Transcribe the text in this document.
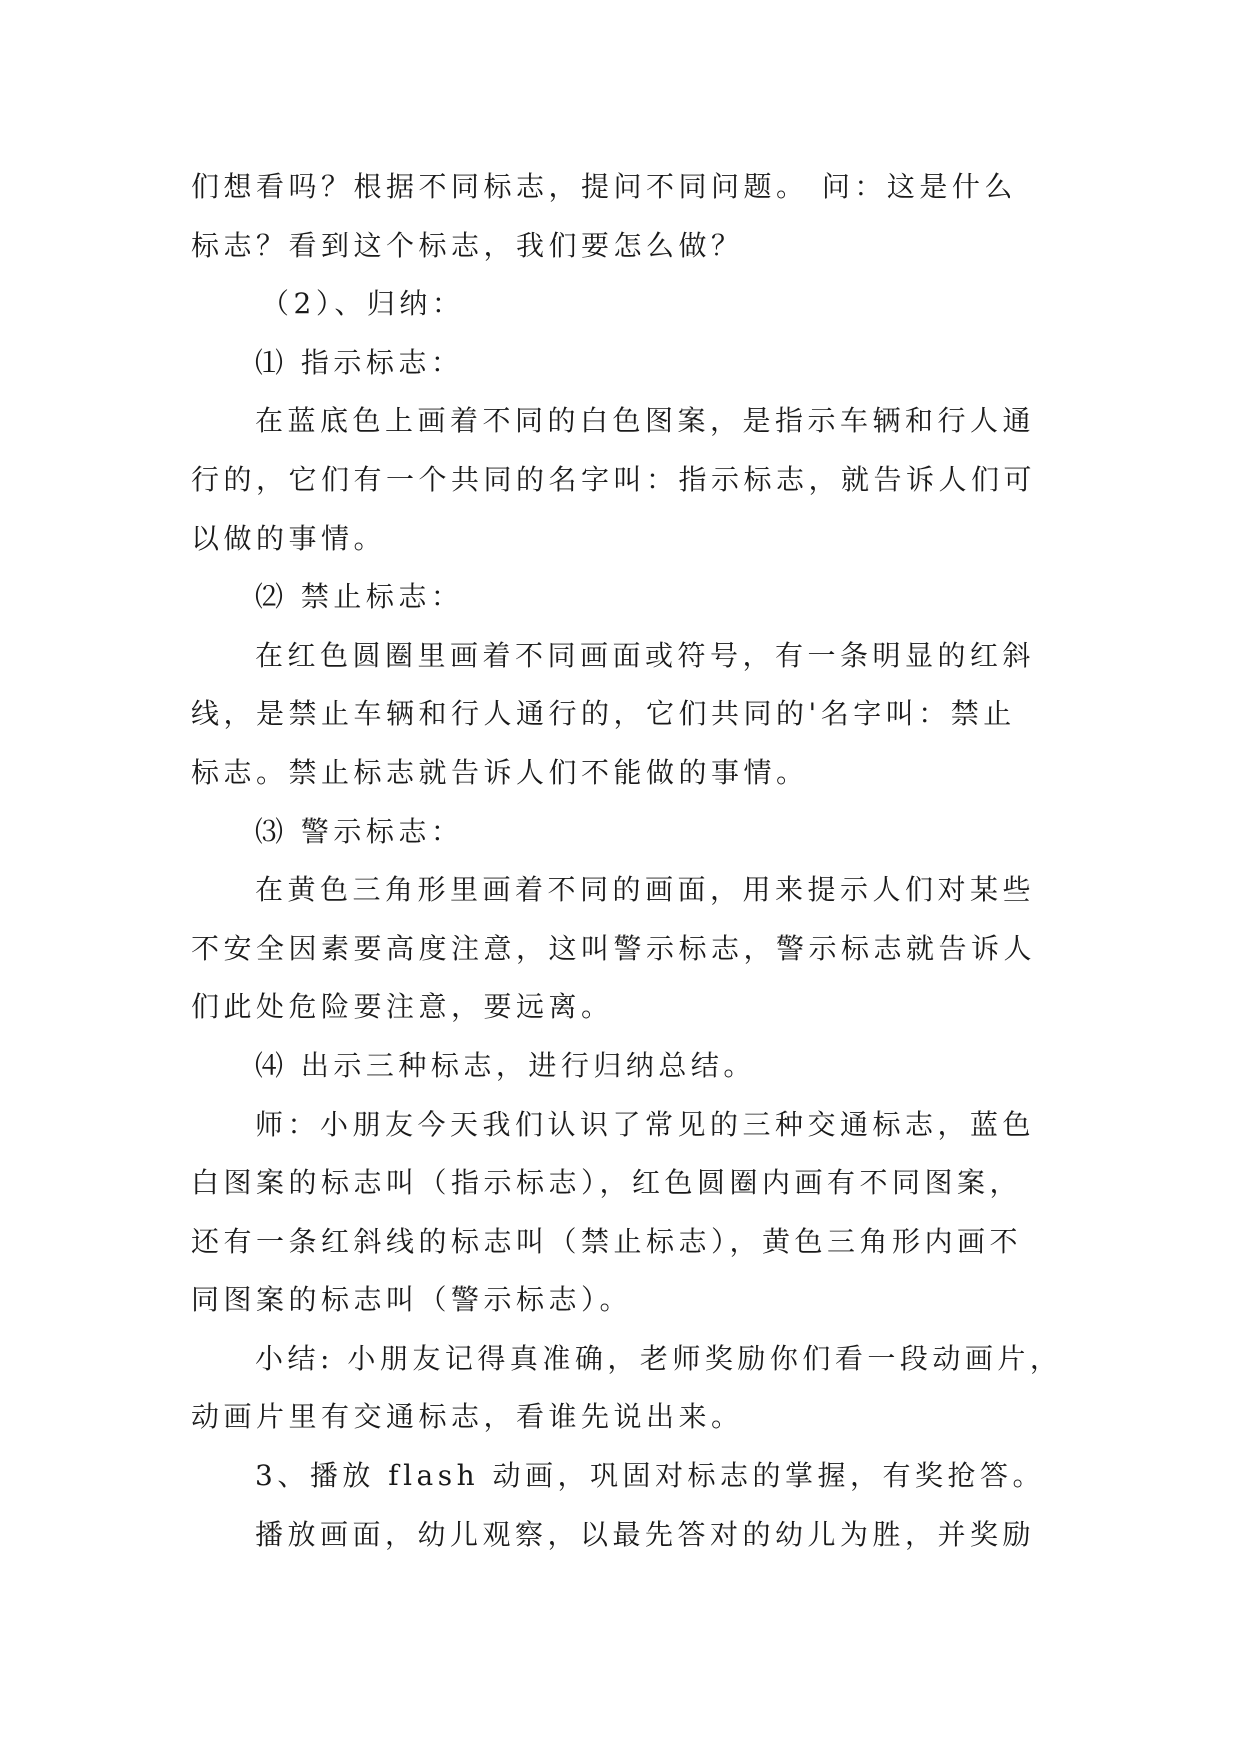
们想看吗？根据不同标志，提问不同问题。 问：这是什么

标志？看到这个标志，我们要怎么做？

（2）、归纳：

⑴ 指示标志：

在蓝底色上画着不同的白色图案，是指示车辆和行人通

行的，它们有一个共同的名字叫：指示标志，就告诉人们可

以做的事情。

⑵ 禁止标志：

在红色圆圈里画着不同画面或符号，有一条明显的红斜

线，是禁止车辆和行人通行的，它们共同的'名字叫：禁止

标志。禁止标志就告诉人们不能做的事情。

⑶ 警示标志：

在黄色三角形里画着不同的画面，用来提示人们对某些

不安全因素要高度注意，这叫警示标志，警示标志就告诉人

们此处危险要注意，要远离。

⑷ 出示三种标志，进行归纳总结。

师：小朋友今天我们认识了常见的三种交通标志，蓝色

白图案的标志叫（指示标志），红色圆圈内画有不同图案，

还有一条红斜线的标志叫（禁止标志），黄色三角形内画不

同图案的标志叫（警示标志）。

小结: 小朋友记得真准确，老师奖励你们看一段动画片，

动画片里有交通标志，看谁先说出来。

3、播放 flash 动画，巩固对标志的掌握，有奖抢答。

播放画面，幼儿观察，以最先答对的幼儿为胜，并奖励
